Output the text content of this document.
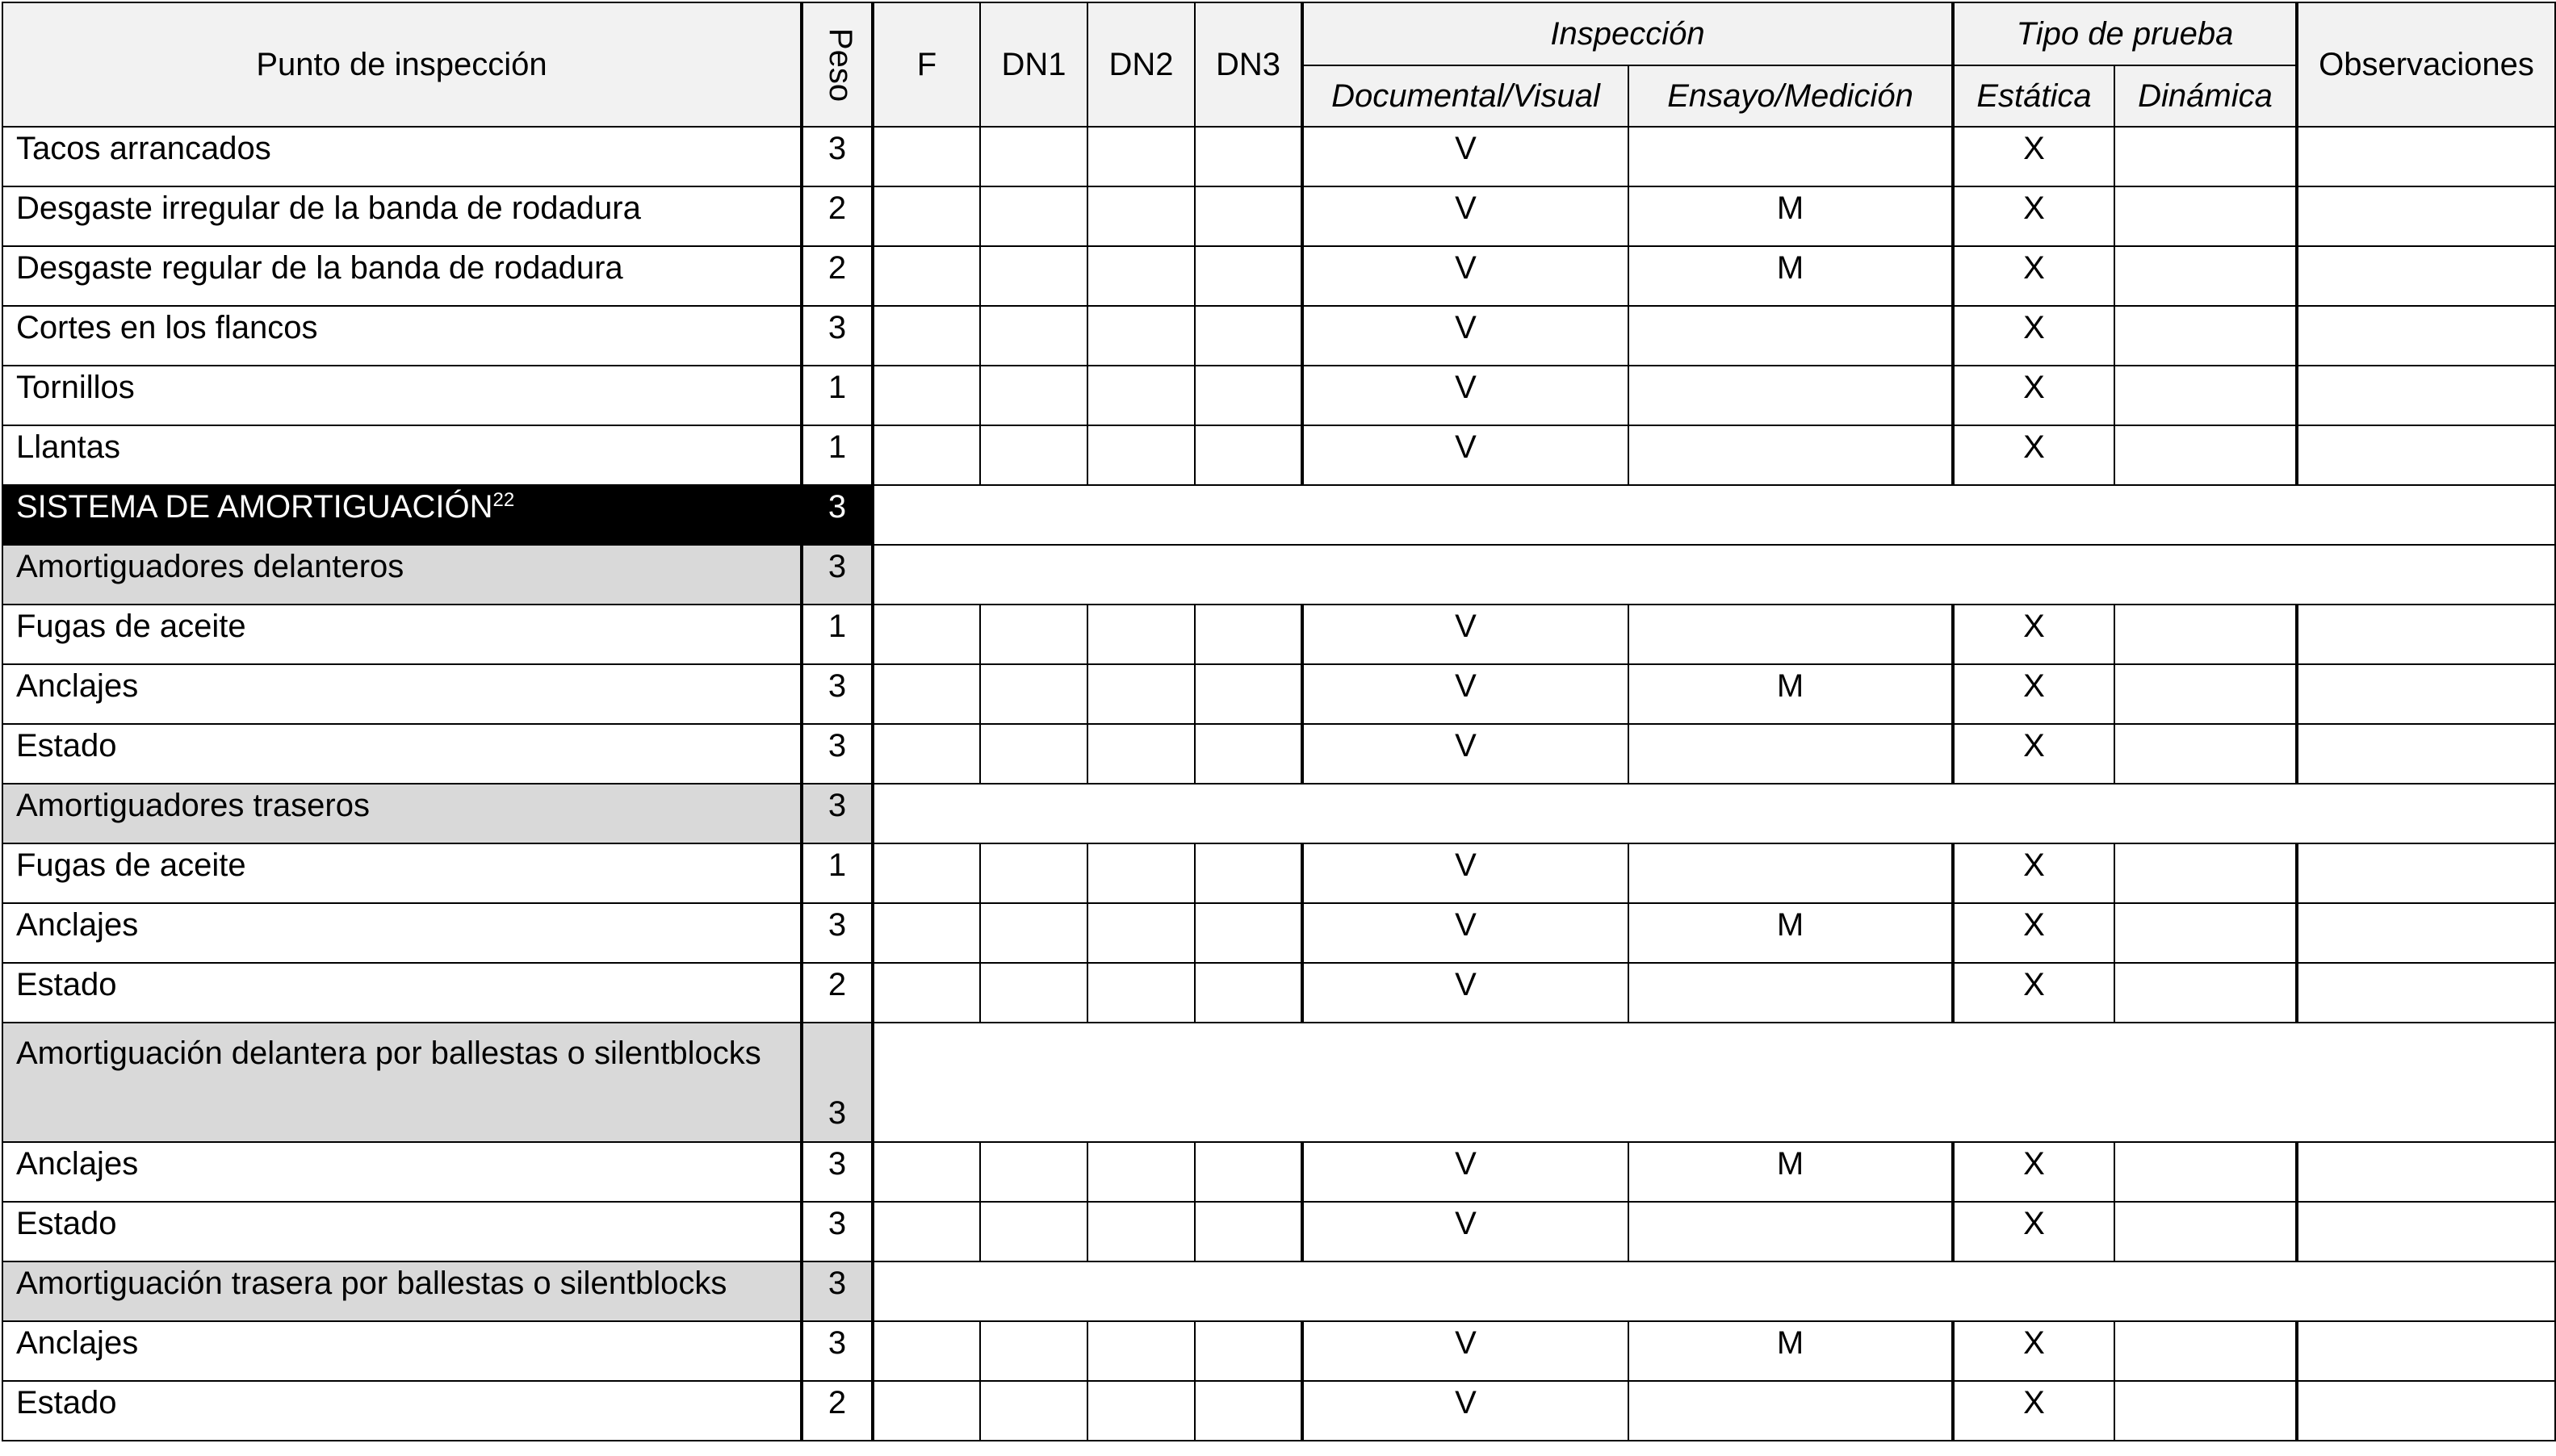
Punto de inspección	Peso	F	DN1	DN2	DN3	Inspección		Tipo de prueba		Observaciones
						Documental/Visual	Ensayo/Medición	Estática	Dinámica	
Tacos arrancados	3					V		X		
Desgaste irregular de la banda de rodadura	2					V	M	X		
Desgaste regular de la banda de rodadura	2					V	M	X		
Cortes en los flancos	3					V		X		
Tornillos	1					V		X		
Llantas	1					V		X		
SISTEMA DE AMORTIGUACIÓN$^{22}$	3									
Amortiguadores delanteros	3									
Fugas de aceite	1					V		X		
Anclajes	3					V	M	X		
Estado	3					V		X		
Amortiguadores traseros	3									
Fugas de aceite	1					V		X		
Anclajes	3					V	M	X		
Estado	2					V		X		
Amortiguación delantera por ballestas o silentblocks	3									
Anclajes	3					V	M	X		
Estado	3					V		X		
Amortiguación trasera por ballestas o silentblocks	3									
Anclajes	3					V	M	X		
Estado	2					V		X		
